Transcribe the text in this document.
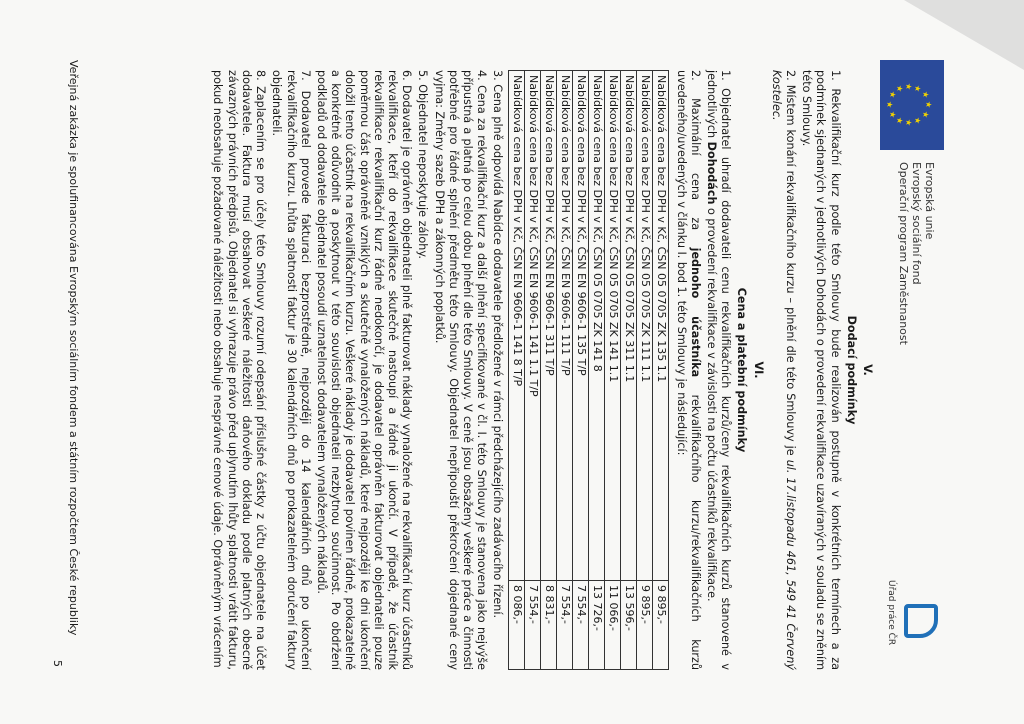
★
★
★
★
★
★
★
★
★ ★ ★
★
Evropská unie
Evropský sociální fond
Operační program Zaměstnanost
Úřad práce ČR

V.

Dodací podmínky

1. Rekvalifikační kurz podle této Smlouvy bude realizován postupně v konkrétních termínech a za podmínek sjednaných v jednotlivých Dohodách o provedení rekvalifikace uzavíraných v souladu se zněním této Smlouvy.

2. Místem konání rekvalifikačního kurzu – plnění dle této Smlouvy je ul. 17.listopadu 461, 549 41 Červený Kostelec.

VI.

Cena a platební podmínky

1. Objednatel uhradí dodavateli cenu rekvalifikačních kurzů/ceny rekvalifikačních kurzů stanovené v jednotlivých Dohodách o provedení rekvalifikace v závislosti na počtu účastníků rekvalifikace.

2. Maximální cena za jednoho účastníka rekvalifikačního kurzu/rekvalifikačních kurzů uvedeného/uvedených v článku I. bod 1. této Smlouvy je následující:

Nabídková cena bez DPH v Kč, ČSN 05 0705 ZK 135 1.1	9 895,-
Nabídková cena bez DPH v Kč, ČSN 05 0705 ZK 111 1.1	9 895,-
Nabídková cena bez DPH v Kč, ČSN 05 0705 ZK 311 1.1	13 596,-
Nabídková cena bez DPH v Kč, ČSN 05 0705 ZK 141 1.1	11 066,-
Nabídková cena bez DPH v Kč, ČSN 05 0705 ZK 141 8	13 726,-
Nabídková cena bez DPH v Kč, ČSN EN 9606-1 135 T/P	7 554,-
Nabídková cena bez DPH v Kč, ČSN EN 9606-1 111 T/P	7 554,-
Nabídková cena bez DPH v Kč, ČSN EN 9606-1 311 T/P	8 831,-
Nabídková cena bez DPH v Kč, ČSN EN 9606-1 141 1.1 T/P	7 554,-
Nabídková cena bez DPH v Kč, ČSN EN 9606-1 141 8 T/P	8 086,-

3. Cena plně odpovídá Nabídce dodavatele předložené v rámci předcházejícího zadávacího řízení.

4. Cena za rekvalifikační kurz a další plnění specifikované v čl. I. této Smlouvy je stanovena jako nejvýše přípustná a platná po celou dobu plnění dle této Smlouvy. V ceně jsou obsaženy veškeré práce a činnosti potřebné pro řádné splnění předmětu této Smlouvy. Objednatel nepřipouští překročení dojednané ceny vyjma: Změny sazeb DPH a zákonných poplatků.

5. Objednatel neposkytuje zálohy.

6. Dodavatel je oprávněn objednateli plně fakturovat náklady vynaložené na rekvalifikační kurz účastníků rekvalifikace, kteří do rekvalifikace skutečně nastoupí a řádně ji ukončí. V případě, že účastník rekvalifikace rekvalifikační kurz řádně nedokončí, je dodavatel oprávněn fakturovat objednateli pouze poměrnou část oprávněně vzniklých a skutečně vynaložených nákladů, které nejpozději ke dni ukončení doložil tento účastník na rekvalifikačním kurzu. Veškeré náklady je dodavatel povinen řádně, prokazatelně a konkrétně odůvodnit a poskytnout v této souvislosti objednateli nezbytnou součinnost. Po obdržení podkladů od dodavatele objednatel posoudí uznatelnost dodavatelem vynaložených nákladů.

7. Dodavatel provede fakturaci bezprostředně, nejpozději do 14 kalendářních dnů po ukončení rekvalifikačního kurzu. Lhůta splatnosti faktur je 30 kalendářních dnů po prokazatelném doručení faktury objednateli.

8. Zaplacením se pro účely této Smlouvy rozumí odepsání příslušné částky z účtu objednatele na účet dodavatele. Faktura musí obsahovat veškeré náležitosti daňového dokladu podle platných obecně závazných právních předpisů. Objednatel si vyhrazuje právo před uplynutím lhůty splatnosti vrátit fakturu, pokud neobsahuje požadované náležitosti nebo obsahuje nesprávné cenové údaje. Oprávněným vrácením

Veřejná zakázka je spolufinancována Evropským sociálním fondem a státním rozpočtem České republiky
5
